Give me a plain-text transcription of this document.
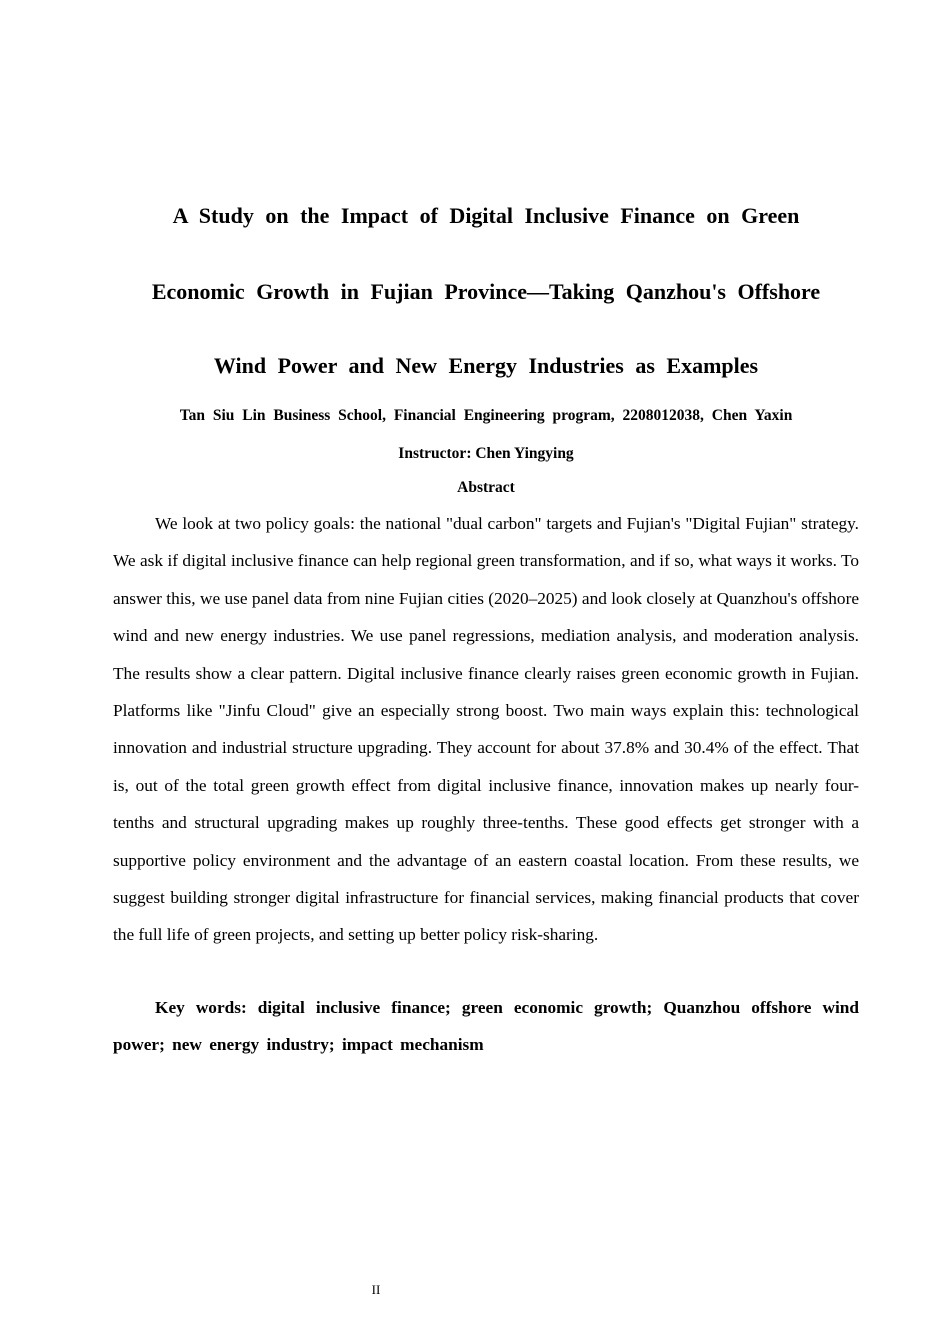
A Study on the Impact of Digital Inclusive Finance on Green
Economic Growth in Fujian Province—Taking Qanzhou's Offshore
Wind Power and New Energy Industries as Examples
Tan Siu Lin Business School, Financial Engineering program, 2208012038, Chen Yaxin
Instructor: Chen Yingying
Abstract

We look at two policy goals: the national "dual carbon" targets and Fujian's "Digital Fujian" strategy. We ask if digital inclusive finance can help regional green transformation, and if so, what ways it works. To answer this, we use panel data from nine Fujian cities (2020–2025) and look closely at Quanzhou's offshore wind and new energy industries. We use panel regressions, mediation analysis, and moderation analysis. The results show a clear pattern. Digital inclusive finance clearly raises green economic growth in Fujian. Platforms like "Jinfu Cloud" give an especially strong boost. Two main ways explain this: technological innovation and industrial structure upgrading. They account for about 37.8% and 30.4% of the effect. That is, out of the total green growth effect from digital inclusive finance, innovation makes up nearly four-tenths and structural upgrading makes up roughly three-tenths. These good effects get stronger with a supportive policy environment and the advantage of an eastern coastal location. From these results, we suggest building stronger digital infrastructure for financial services, making financial products that cover the full life of green projects, and setting up better policy risk-sharing.

Key words: digital inclusive finance; green economic growth; Quanzhou offshore wind power; new energy industry; impact mechanism

II
